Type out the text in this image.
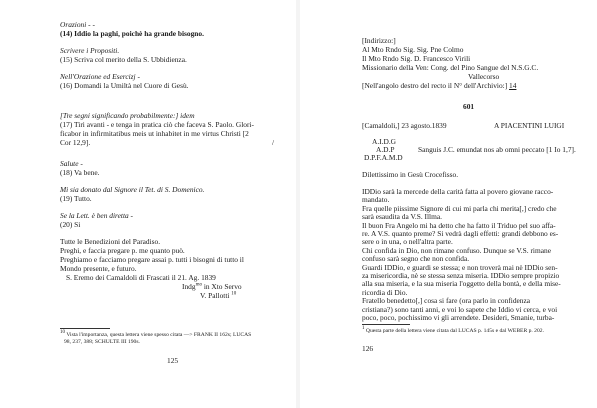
Orazioni - -
(14) Iddio la paghi, poichè ha grande bisogno.
Scrivere i Propositi.
(15) Scriva col merito della S. Ubbidienza.
Nell'Orazione ed Esercizj -
(16) Domandi la Umiltà nel Cuore di Gesù.
[Tre segni significando probabilmente:] idem
(17) Tiri avanti - e tenga in pratica ciò che faceva S. Paolo. Glori-
ficabor in infirmitatibus meis ut inhabitet in me virtus Christi [2
Cor 12,9].	/
Salute -
(18) Va bene.
Mi sia donato dal Signore il Tet. di S. Domenico.
(19) Tutto.
Se la Lett. è ben diretta -
(20) Si
Tutte le Benedizioni del Paradiso.
Preghi, e faccia pregare p. me quanto può.
Preghiamo e facciamo pregare assai p. tutti i bisogni di tutto il
Mondo presente, e futuro.
S. Eremo dei Camaldoli di Frascati il 21. Ag. 1839
Indg$^{mo}$ in Xto Servo
V. Pallotti $^{10}$
$^{10}$ Vista l'importanza, questa lettera viene spesso citata —> FRANK II 162s; LUCAS
98, 237, 388; SCHULTE III 190s.
125
[Indirizzo:]
Al Mto Rndo Sig. Sig. Pne Colmo
Il Mto Rndo Sig. D. Francesco Virili
Missionario della Ven: Cong. del Pino Sangue del N.S.G.C.
Vallecorso
[Nell'angolo destro del recto il N° dell'Archivio:] 14
601
[Camaldoli,] 23 agosto.1839	A PIACENTINI LUIGI
A.I.D.G
A.D.P	Sanguis J.C. emundat nos ab omni peccato [1 Io 1,7].
D.P.F.A.M.D
Dilettissimo in Gesù Crocefisso.
IDDio sarà la mercede della carità fatta al povero giovane racco-
mandato.
Fra quelle piissime Signore di cui mi parla chi merita[,] credo che
sarà esaudita da V.S. Illma.
Il buon Fra Angelo mi ha detto che ha fatto il Triduo pel suo affa-
re. A V.S. quanto preme? Si vedrà dagli effetti: grandi debbono es-
sere o in una, o nell'altra parte.
Chi confida in Dio, non rimane confuso. Dunque se V.S. rimane
confuso sarà segno che non confida.
Guardi IDDio, e guardi se stessa; e non troverà mai nè IDDio sen-
za misericordia, nè se stessa senza miseria. IDDio sempre propizio
alla sua miseria, e la sua miseria l'oggetto della bontà, e della mise-
ricordia di Dio.
Fratello benedetto[,] cosa si fare (ora parlo in confidenza
cristiana?) sono tanti anni, e voi lo sapete che Iddio vi cerca, e voi
poco, poco, pochissimo vi gli arrendete. Desideri, Smanie, turba-
$^1$ Questa parte della lettera viene citata dal LUCAS p. 145s e dal WEBER p. 202.
126
